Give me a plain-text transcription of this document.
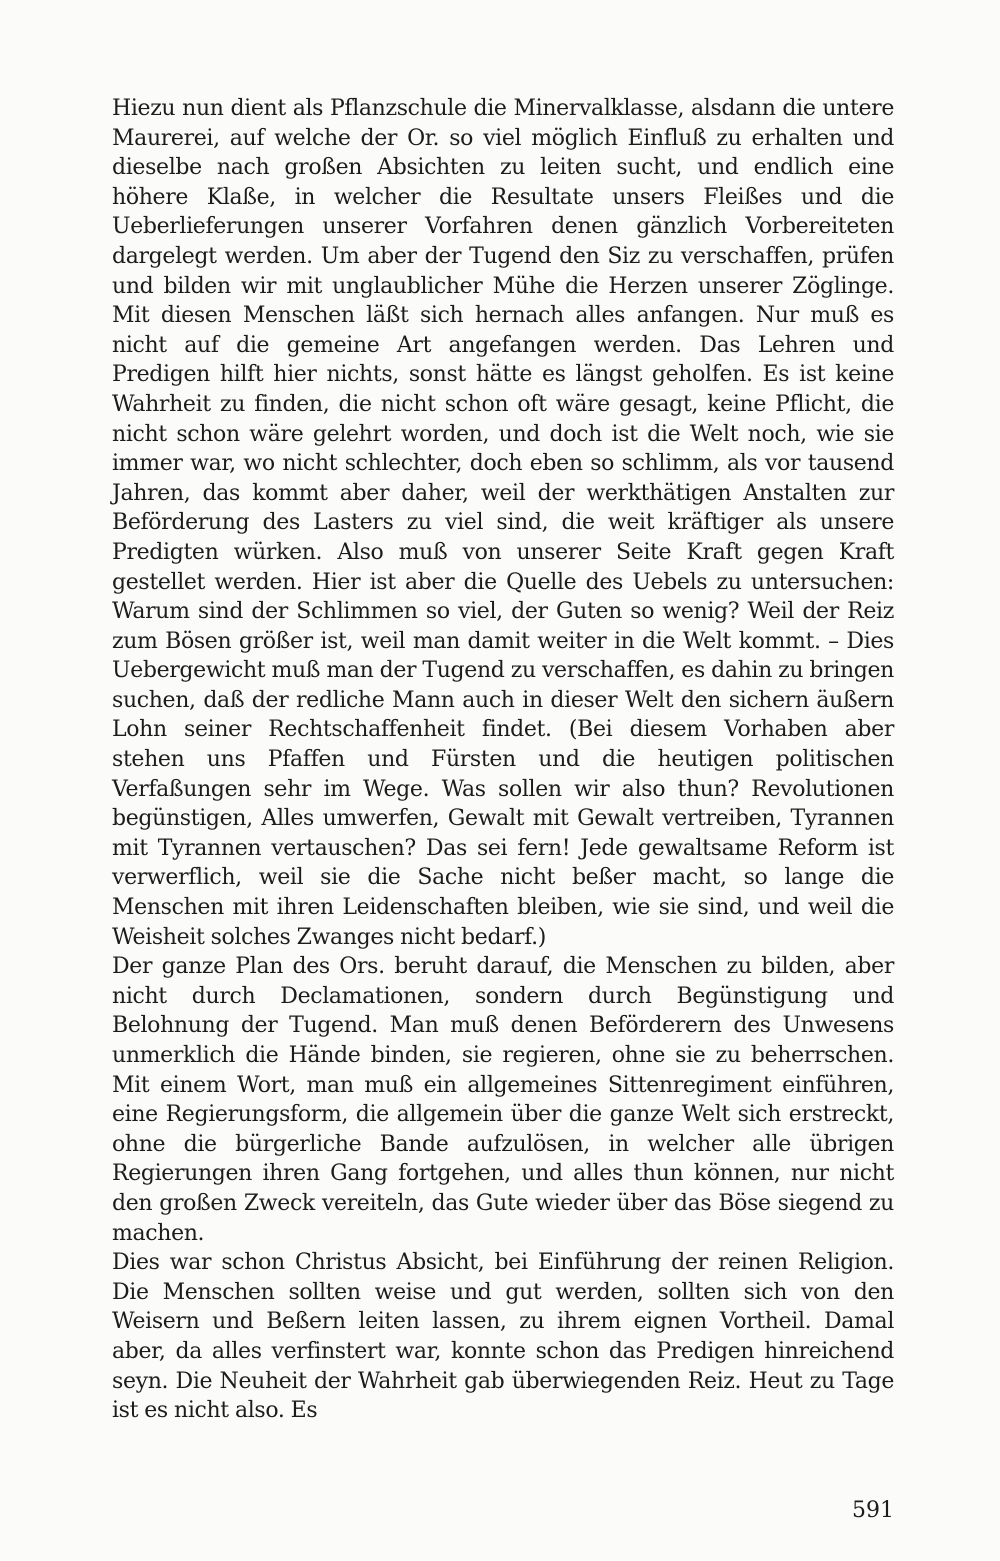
Hiezu nun dient als Pflanzschule die Minervalklasse, alsdann die untere Maurerei, auf welche der Or. so viel möglich Einfluß zu erhalten und dieselbe nach großen Absichten zu leiten sucht, und endlich eine höhere Klaße, in welcher die Resultate unsers Fleißes und die Ueberlieferungen unserer Vorfahren denen gänzlich Vorbereiteten dargelegt werden. Um aber der Tugend den Siz zu verschaffen, prüfen und bilden wir mit unglaublicher Mühe die Herzen unserer Zöglinge. Mit diesen Menschen läßt sich hernach alles anfangen. Nur muß es nicht auf die gemeine Art angefangen werden. Das Lehren und Predigen hilft hier nichts, sonst hätte es längst geholfen. Es ist keine Wahrheit zu finden, die nicht schon oft wäre gesagt, keine Pflicht, die nicht schon wäre gelehrt worden, und doch ist die Welt noch, wie sie immer war, wo nicht schlechter, doch eben so schlimm, als vor tausend Jahren, das kommt aber daher, weil der werkthätigen Anstalten zur Beförderung des Lasters zu viel sind, die weit kräftiger als unsere Predigten würken. Also muß von unserer Seite Kraft gegen Kraft gestellet werden. Hier ist aber die Quelle des Uebels zu untersuchen: Warum sind der Schlimmen so viel, der Guten so wenig? Weil der Reiz zum Bösen größer ist, weil man damit weiter in die Welt kommt. – Dies Uebergewicht muß man der Tugend zu verschaffen, es dahin zu bringen suchen, daß der redliche Mann auch in dieser Welt den sichern äußern Lohn seiner Rechtschaffenheit findet. (Bei diesem Vorhaben aber stehen uns Pfaffen und Fürsten und die heutigen politischen Verfaßungen sehr im Wege. Was sollen wir also thun? Revolutionen begünstigen, Alles umwerfen, Gewalt mit Gewalt vertreiben, Tyrannen mit Tyrannen vertauschen? Das sei fern! Jede gewaltsame Reform ist verwerflich, weil sie die Sache nicht beßer macht, so lange die Menschen mit ihren Leidenschaften bleiben, wie sie sind, und weil die Weisheit solches Zwanges nicht bedarf.)

Der ganze Plan des Ors. beruht darauf, die Menschen zu bilden, aber nicht durch Declamationen, sondern durch Begünstigung und Belohnung der Tugend. Man muß denen Beförderern des Unwesens unmerklich die Hände binden, sie regieren, ohne sie zu beherrschen. Mit einem Wort, man muß ein allgemeines Sittenregiment einführen, eine Regierungsform, die allgemein über die ganze Welt sich erstreckt, ohne die bürgerliche Bande aufzulösen, in welcher alle übrigen Regierungen ihren Gang fortgehen, und alles thun können, nur nicht den großen Zweck vereiteln, das Gute wieder über das Böse siegend zu machen.

Dies war schon Christus Absicht, bei Einführung der reinen Religion. Die Menschen sollten weise und gut werden, sollten sich von den Weisern und Beßern leiten lassen, zu ihrem eignen Vortheil. Damal aber, da alles verfinstert war, konnte schon das Predigen hinreichend seyn. Die Neuheit der Wahrheit gab überwiegenden Reiz. Heut zu Tage ist es nicht also. Es

591
